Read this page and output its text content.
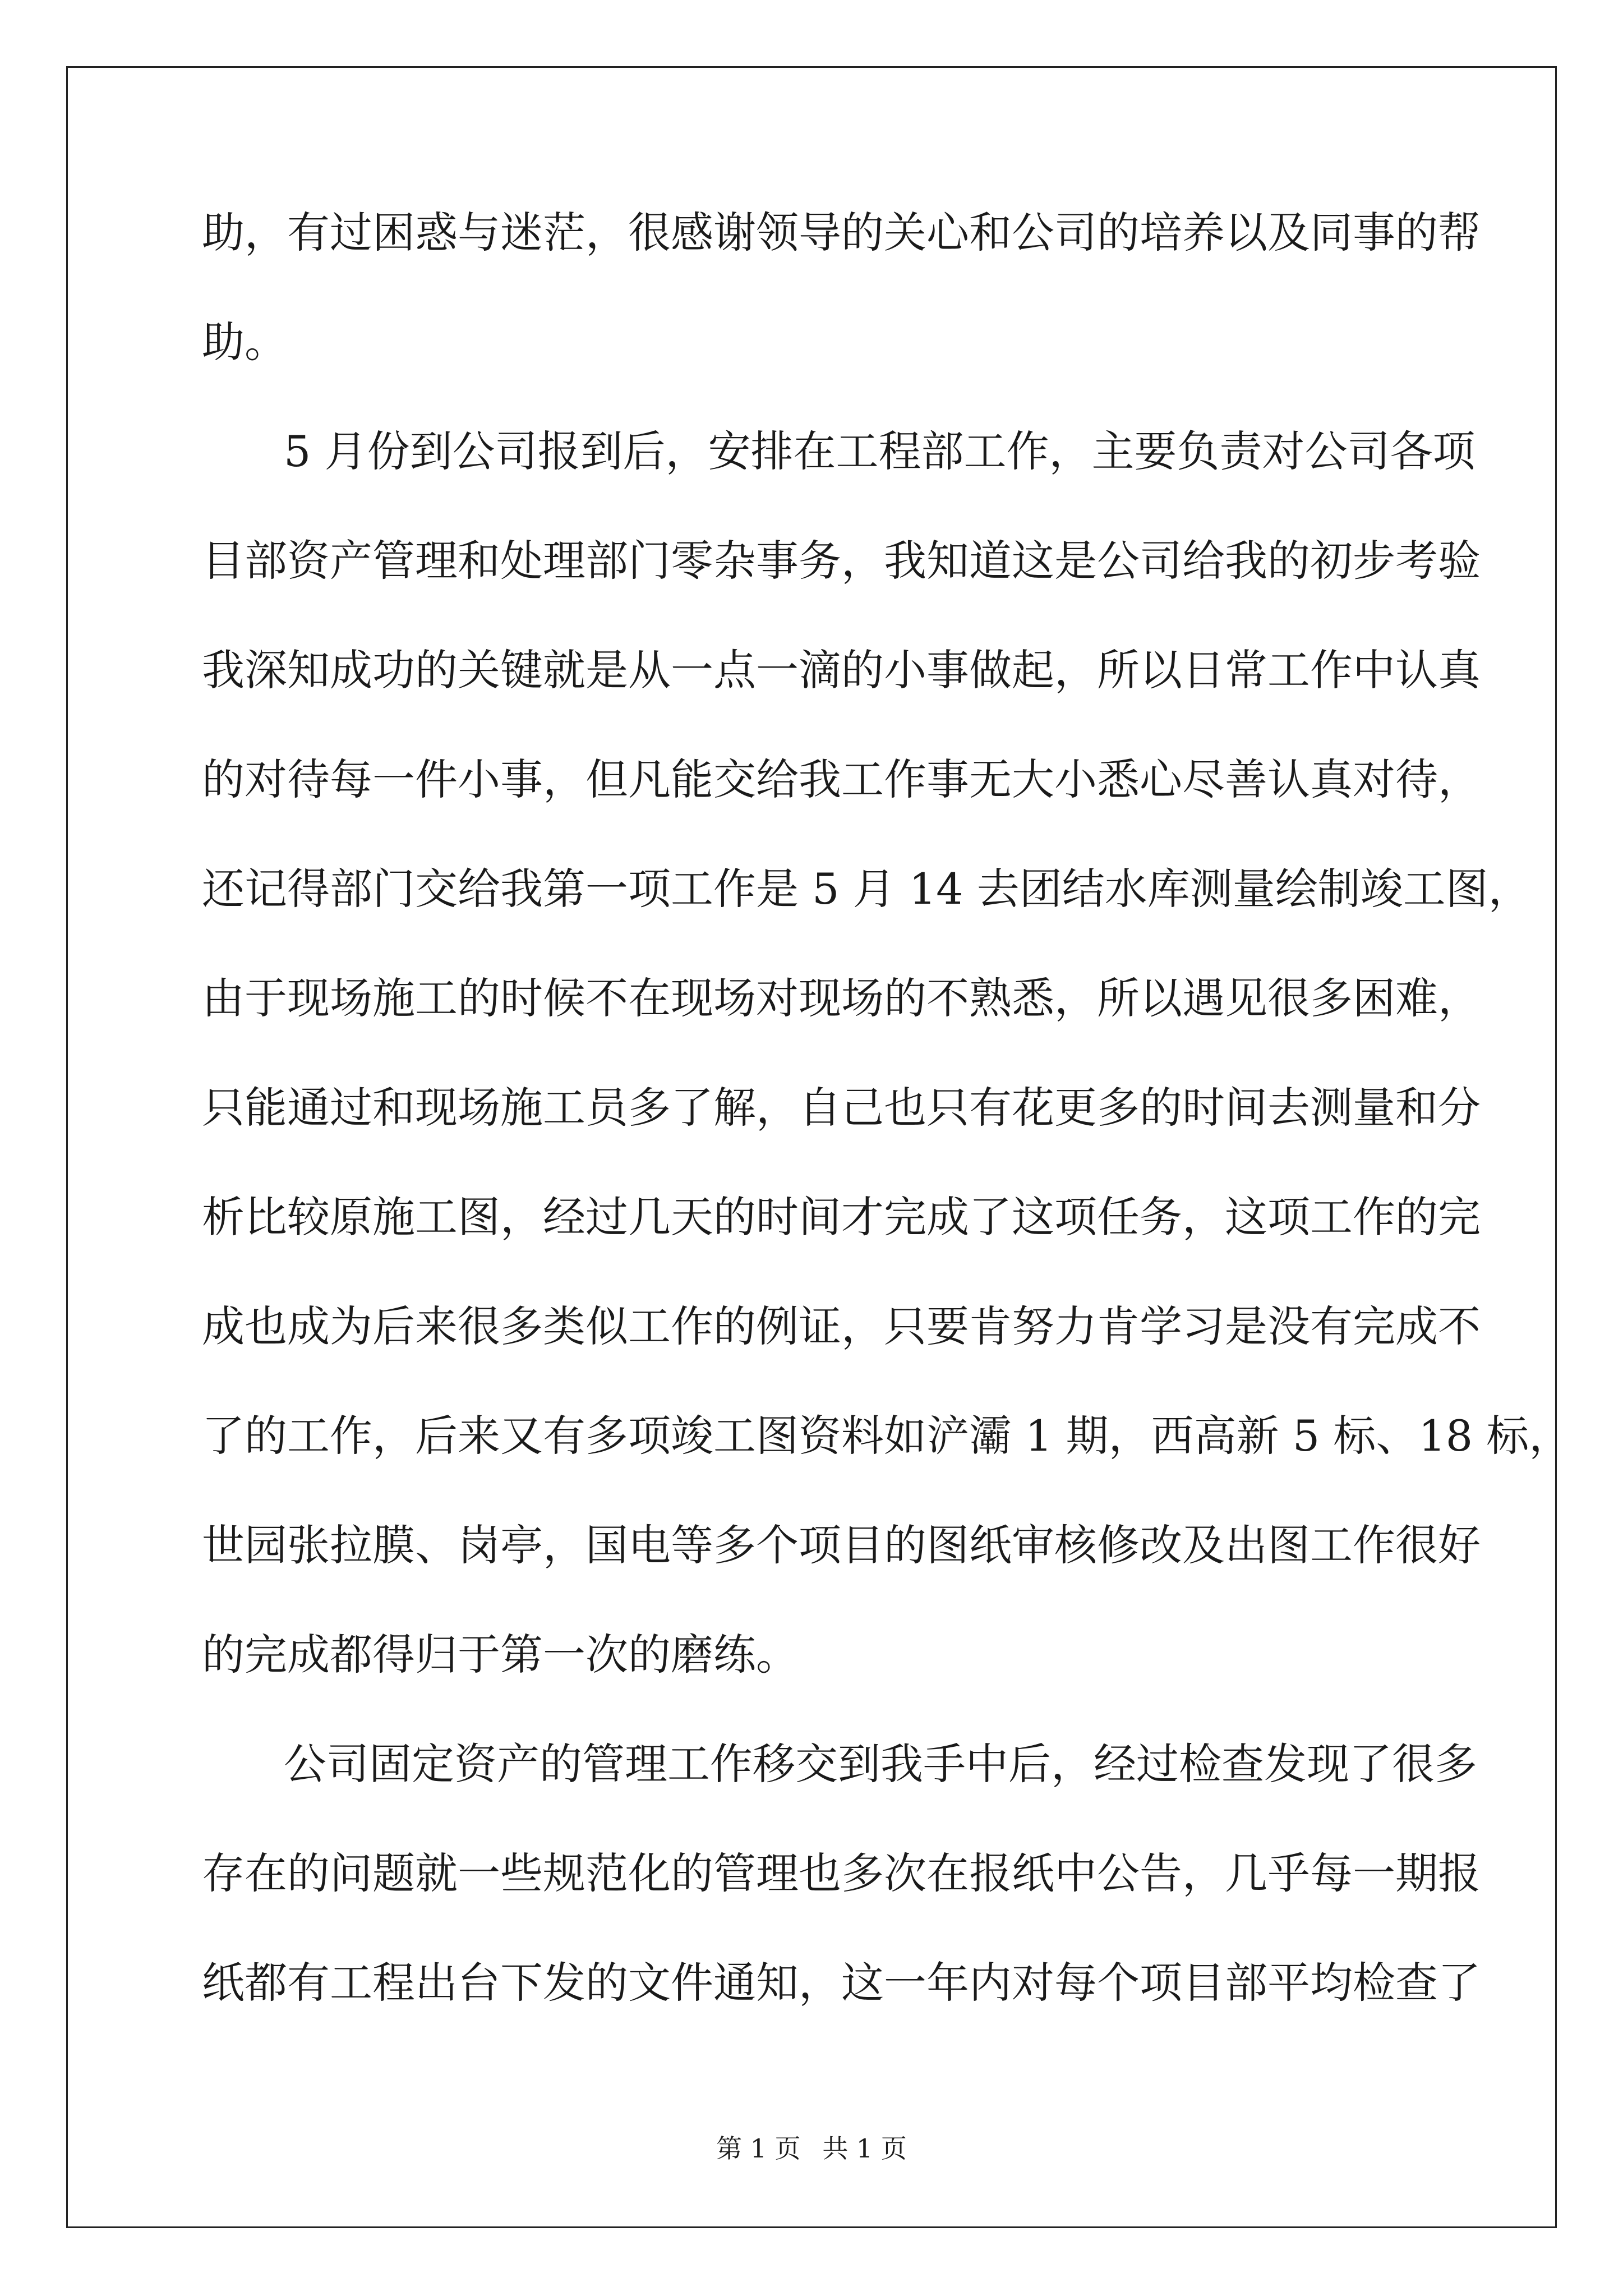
助，有过困惑与迷茫，很感谢领导的关心和公司的培养以及同事的帮
助。
5 月份到公司报到后，安排在工程部工作，主要负责对公司各项
目部资产管理和处理部门零杂事务，我知道这是公司给我的初步考验
我深知成功的关键就是从一点一滴的小事做起，所以日常工作中认真
的对待每一件小事，但凡能交给我工作事无大小悉心尽善认真对待，
还记得部门交给我第一项工作是 5 月 14 去团结水库测量绘制竣工图，
由于现场施工的时候不在现场对现场的不熟悉，所以遇见很多困难，
只能通过和现场施工员多了解，自己也只有花更多的时间去测量和分
析比较原施工图，经过几天的时间才完成了这项任务，这项工作的完
成也成为后来很多类似工作的例证，只要肯努力肯学习是没有完成不
了的工作，后来又有多项竣工图资料如浐灞 1 期，西高新 5 标、18 标，
世园张拉膜、岗亭，国电等多个项目的图纸审核修改及出图工作很好
的完成都得归于第一次的磨练。
公司固定资产的管理工作移交到我手中后，经过检查发现了很多
存在的问题就一些规范化的管理也多次在报纸中公告，几乎每一期报
纸都有工程出台下发的文件通知，这一年内对每个项目部平均检查了
第 1 页 共 1 页
